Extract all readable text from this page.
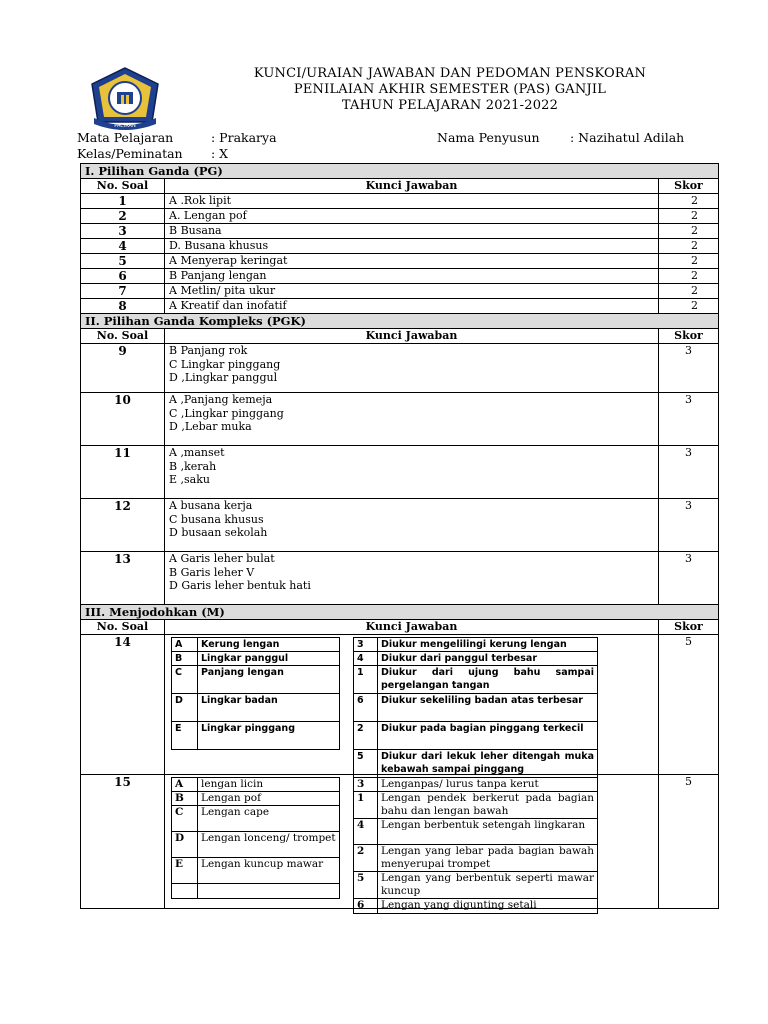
PACIRAN
KUNCI/URAIAN JAWABAN DAN PEDOMAN PENSKORAN
PENILAIAN AKHIR SEMESTER (PAS) GANJIL
TAHUN PELAJARAN 2021-2022
Mata Pelajaran	: Prakarya	Nama Penyusun : Nazihatul Adilah
Kelas/Peminatan : X
I. Pilihan Ganda (PG)
No. Soal	Kunci Jawaban	Skor
1	A .Rok lipit	2
2	A. Lengan pof	2
3	B Busana	2
4	D. Busana khusus	2
5	A Menyerap keringat	2
6	B Panjang lengan	2
7	A Metlin/ pita ukur	2
8	A Kreatif dan inofatif	2
II. Pilihan Ganda Kompleks (PGK)
No. Soal	Kunci Jawaban	Skor
9	B Panjang rok
C Lingkar pinggang
D ,Lingkar panggul
	3
10	A ,Panjang kemeja
C ,Lingkar pinggang
D ,Lebar muka
	3
11	A ,manset
B ,kerah
E ,saku
	3
12	A busana kerja
C busana khusus
D busaan sekolah
	3
13	A Garis leher bulat
B Garis leher V
D Garis leher bentuk hati
	3
III. Menjodohkan (M)
No. Soal	Kunci Jawaban	Skor
14		A	Kerung lengan
B	Lingkar panggul
C	Panjang lengan
D	Lingkar badan
E	Lingkar pinggang
3	Diukur mengelilingi kerung lengan
4	Diukur dari panggul terbesar
1	Diukur dari ujung bahu sampai pergelangan tangan
6	Diukur sekeliling badan atas terbesar
2	Diukur pada bagian pinggang terkecil
5	Diukur dari lekuk leher ditengah muka kebawah sampai pinggang
	5
15		A	lengan licin
B	Lengan pof
C	Lengan cape
D	Lengan lonceng/ trompet
E	Lengan kuncup mawar

3	Lenganpas/ lurus tanpa kerut
1	Lengan pendek berkerut pada bagian bahu dan lengan bawah
4	Lengan berbentuk setengah lingkaran
2	Lengan yang lebar pada bagian bawah menyerupai trompet
5	Lengan yang berbentuk seperti mawar kuncup
6	Lengan yang digunting setali
	5
